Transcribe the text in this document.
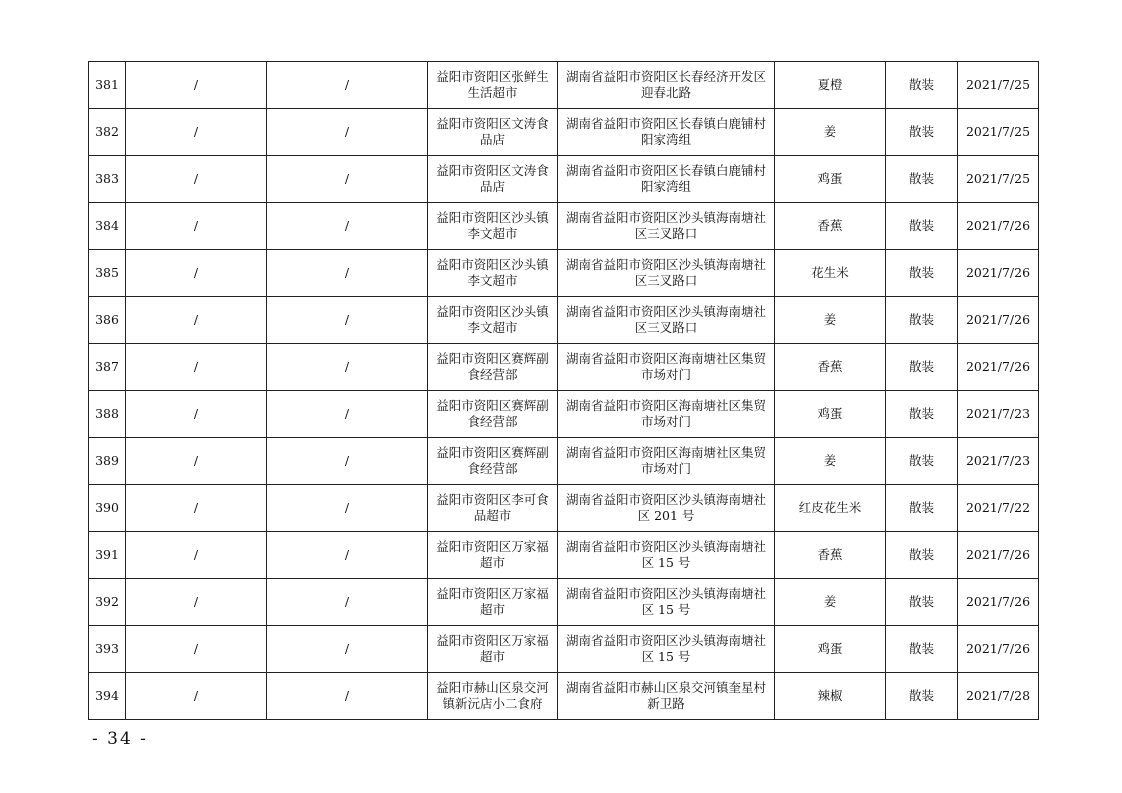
381	/	/	益阳市资阳区张鲜生生活超市	湖南省益阳市资阳区长春经济开发区迎春北路	夏橙	散装	2021/7/25
382	/	/	益阳市资阳区文涛食品店	湖南省益阳市资阳区长春镇白鹿铺村阳家湾组	姜	散装	2021/7/25
383	/	/	益阳市资阳区文涛食品店	湖南省益阳市资阳区长春镇白鹿铺村阳家湾组	鸡蛋	散装	2021/7/25
384	/	/	益阳市资阳区沙头镇李文超市	湖南省益阳市资阳区沙头镇海南塘社区三叉路口	香蕉	散装	2021/7/26
385	/	/	益阳市资阳区沙头镇李文超市	湖南省益阳市资阳区沙头镇海南塘社区三叉路口	花生米	散装	2021/7/26
386	/	/	益阳市资阳区沙头镇李文超市	湖南省益阳市资阳区沙头镇海南塘社区三叉路口	姜	散装	2021/7/26
387	/	/	益阳市资阳区赛辉副食经营部	湖南省益阳市资阳区海南塘社区集贸市场对门	香蕉	散装	2021/7/26
388	/	/	益阳市资阳区赛辉副食经营部	湖南省益阳市资阳区海南塘社区集贸市场对门	鸡蛋	散装	2021/7/23
389	/	/	益阳市资阳区赛辉副食经营部	湖南省益阳市资阳区海南塘社区集贸市场对门	姜	散装	2021/7/23
390	/	/	益阳市资阳区李可食品超市	湖南省益阳市资阳区沙头镇海南塘社区 201 号	红皮花生米	散装	2021/7/22
391	/	/	益阳市资阳区万家福超市	湖南省益阳市资阳区沙头镇海南塘社区 15 号	香蕉	散装	2021/7/26
392	/	/	益阳市资阳区万家福超市	湖南省益阳市资阳区沙头镇海南塘社区 15 号	姜	散装	2021/7/26
393	/	/	益阳市资阳区万家福超市	湖南省益阳市资阳区沙头镇海南塘社区 15 号	鸡蛋	散装	2021/7/26
394	/	/	益阳市赫山区泉交河镇新沅店小二食府	湖南省益阳市赫山区泉交河镇奎星村新卫路	辣椒	散装	2021/7/28
- 34 -
